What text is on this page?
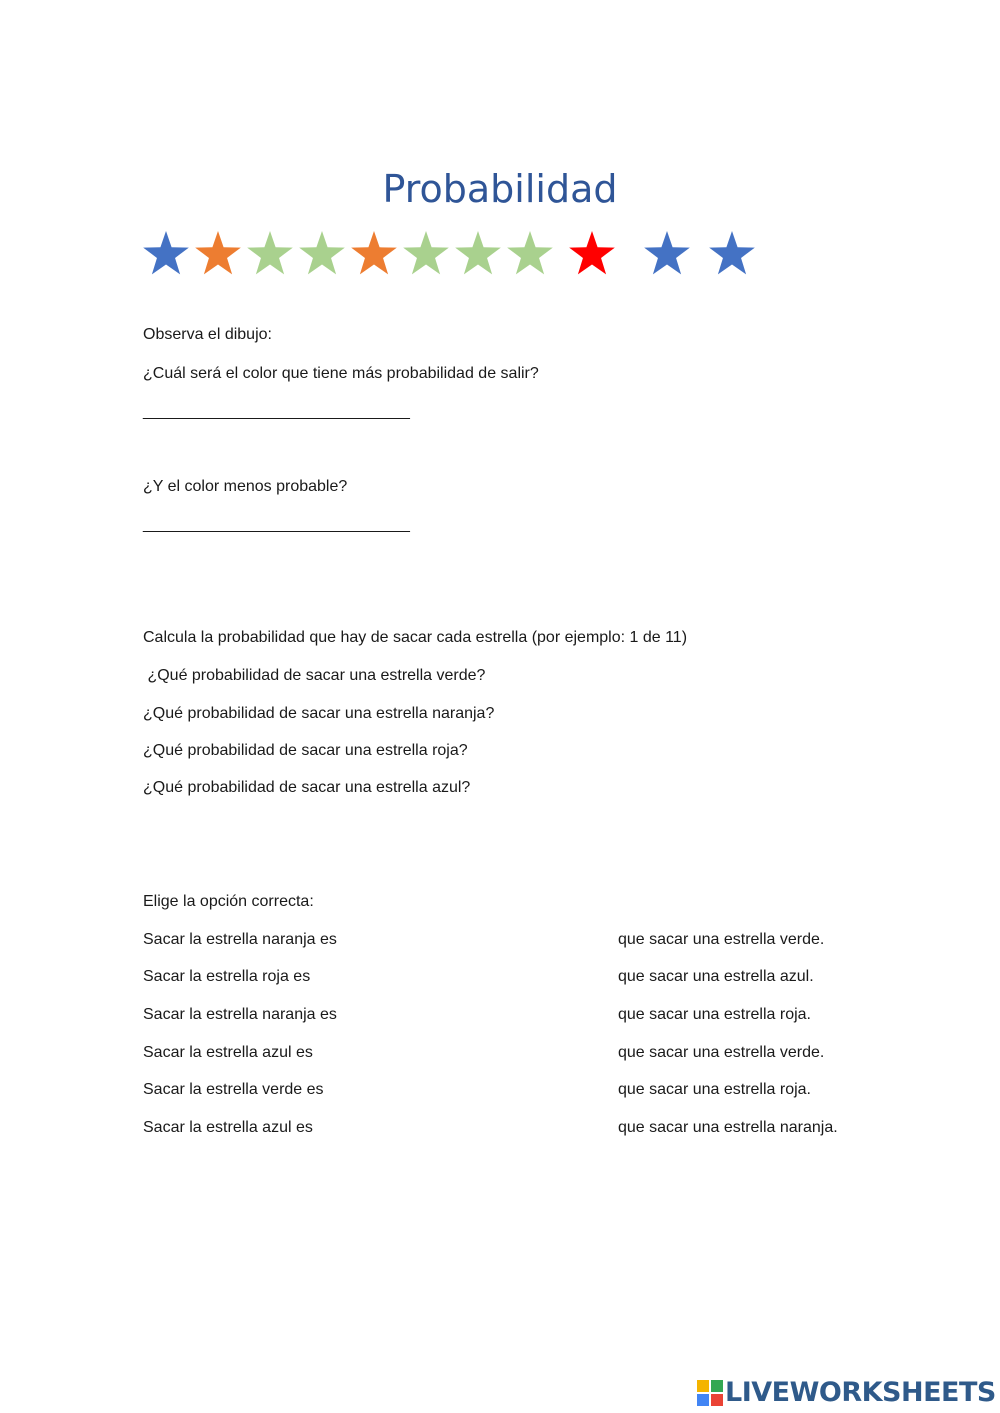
Probabilidad
Observa el dibujo:
¿Cuál será el color que tiene más probabilidad de salir?
______________________________
¿Y el color menos probable?
______________________________
Calcula la probabilidad que hay de sacar cada estrella (por ejemplo: 1 de 11)
¿Qué probabilidad de sacar una estrella verde?
¿Qué probabilidad de sacar una estrella naranja?
¿Qué probabilidad de sacar una estrella roja?
¿Qué probabilidad de sacar una estrella azul?
Elige la opción correcta:
Sacar la estrella naranja es	que sacar una estrella verde.
Sacar la estrella roja es	que sacar una estrella azul.
Sacar la estrella naranja es	que sacar una estrella roja.
Sacar la estrella azul es	que sacar una estrella verde.
Sacar la estrella verde es	que sacar una estrella roja.
Sacar la estrella azul es	que sacar una estrella naranja.
LIVEWORKSHEETS
